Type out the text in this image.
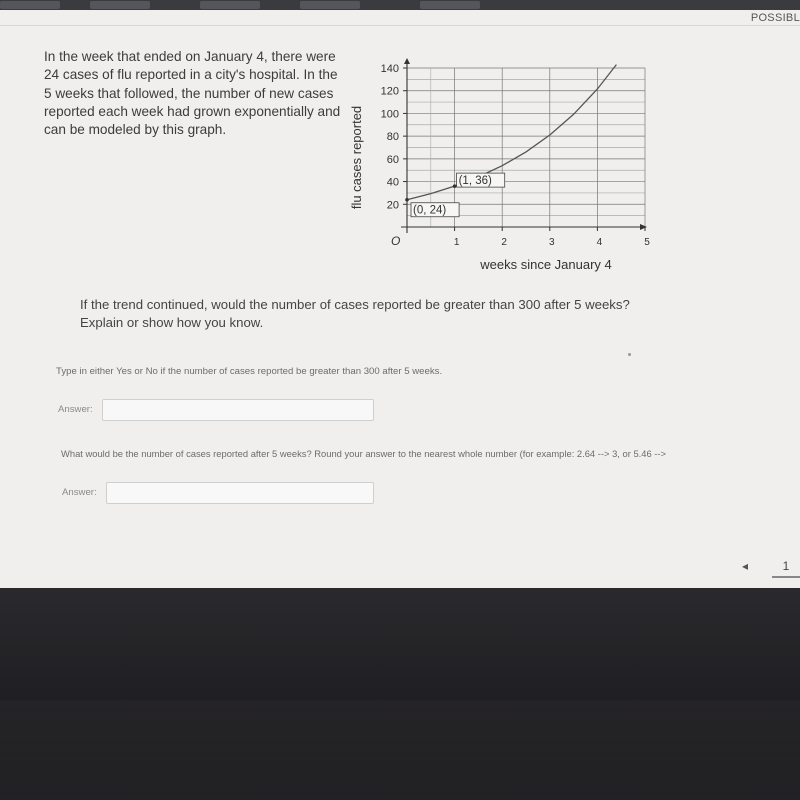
POSSIBL
In the week that ended on January 4, there were 24 cases of flu reported in a city's hospital. In the 5 weeks that followed, the number of new cases reported each week had grown exponentially and can be modeled by this graph.
20
40
60
80
100
120
140
1	2	3	4	5
(0, 24)
(1, 36)
flu cases reported
weeks since January 4
O
If the trend continued, would the number of cases reported be greater than 300 after 5 weeks? Explain or show how you know.
Type in either Yes or No if the number of cases reported be greater than 300 after 5 weeks.
Answer:
What would be the number of cases reported after 5 weeks? Round your answer to the nearest whole number (for example: 2.64 --> 3, or 5.46 -->
Answer:
◂	1
